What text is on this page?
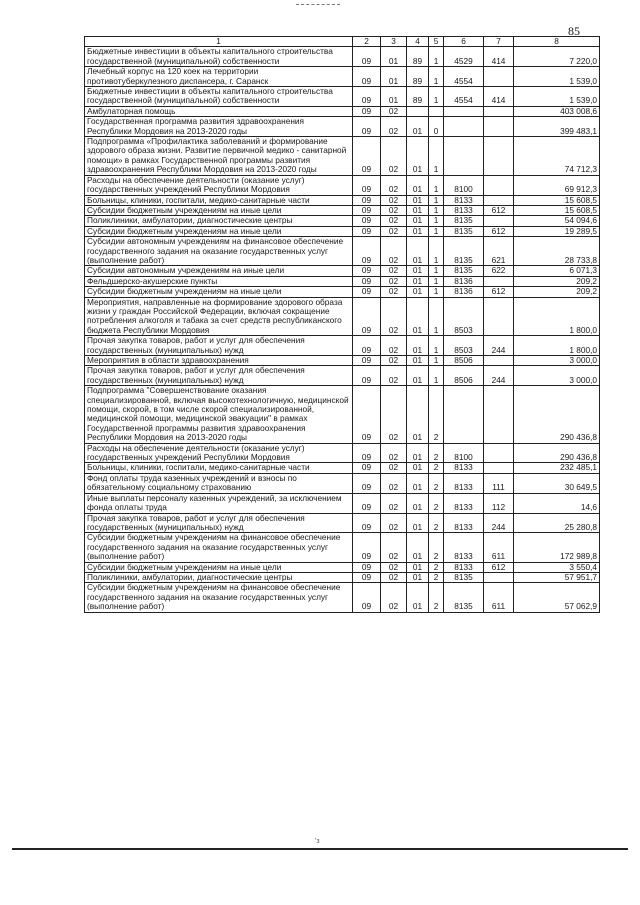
85
1	2	3	4	5	6	7	8
Бюджетные инвестиции в объекты капитального строительства государственной (муниципальной) собственности	09	01	89	1	4529	414	7 220,0
Лечебный корпус на 120 коек на территории противотуберкулезного диспансера, г. Саранск	09	01	89	1	4554		1 539,0
Бюджетные инвестиции в объекты капитального строительства государственной (муниципальной) собственности	09	01	89	1	4554	414	1 539,0
Амбулаторная помощь	09	02					403 008,6
Государственная программа развития здравоохранения Республики Мордовия на 2013-2020 годы	09	02	01	0			399 483,1
Подпрограмма «Профилактика заболеваний и формирование здорового образа жизни. Развитие первичной медико - санитарной помощи» в рамках Государственной программы развития здравоохранения Республики Мордовия на 2013-2020 годы	09	02	01	1			74 712,3
Расходы на обеспечение деятельности (оказание услуг) государственных учреждений Республики Мордовия	09	02	01	1	8100		69 912,3
Больницы, клиники, госпитали, медико-санитарные части	09	02	01	1	8133		15 608,5
Субсидии бюджетным учреждениям на иные цели	09	02	01	1	8133	612	15 608,5
Поликлиники, амбулатории, диагностические центры	09	02	01	1	8135		54 094,6
Субсидии бюджетным учреждениям на иные цели	09	02	01	1	8135	612	19 289,5
Субсидии автономным учреждениям на финансовое обеспечение государственного задания на оказание государственных услуг (выполнение работ)	09	02	01	1	8135	621	28 733,8
Субсидии автономным учреждениям на иные цели	09	02	01	1	8135	622	6 071,3
Фельдшерско-акушерские пункты	09	02	01	1	8136		209,2
Субсидии бюджетным учреждениям на иные цели	09	02	01	1	8136	612	209,2
Мероприятия, направленные на формирование здорового образа жизни у граждан Российской Федерации, включая сокращение потребления алкоголя и табака за счет средств республиканского бюджета Республики Мордовия	09	02	01	1	8503		1 800,0
Прочая закупка товаров, работ и услуг для обеспечения государственных (муниципальных) нужд	09	02	01	1	8503	244	1 800,0
Мероприятия в области здравоохранения	09	02	01	1	8506		3 000,0
Прочая закупка товаров, работ и услуг для обеспечения государственных (муниципальных) нужд	09	02	01	1	8506	244	3 000,0
Подпрограмма "Совершенствование оказания специализированной, включая высокотехнологичную, медицинской помощи, скорой, в том числе скорой специализированной, медицинской помощи, медицинской эвакуации" в рамках Государственной программы развития здравоохранения Республики Мордовия на 2013-2020 годы	09	02	01	2			290 436,8
Расходы на обеспечение деятельности (оказание услуг) государственных учреждений Республики Мордовия	09	02	01	2	8100		290 436,8
Больницы, клиники, госпитали, медико-санитарные части	09	02	01	2	8133		232 485,1
Фонд оплаты труда казенных учреждений и взносы по обязательному социальному страхованию	09	02	01	2	8133	111	30 649,5
Иные выплаты персоналу казенных учреждений, за исключением фонда оплаты труда	09	02	01	2	8133	112	14,6
Прочая закупка товаров, работ и услуг для обеспечения государственных (муниципальных) нужд	09	02	01	2	8133	244	25 280,8
Субсидии бюджетным учреждениям на финансовое обеспечение государственного задания на оказание государственных услуг (выполнение работ)	09	02	01	2	8133	611	172 989,8
Субсидии бюджетным учреждениям на иные цели	09	02	01	2	8133	612	3 550,4
Поликлиники, амбулатории, диагностические центры	09	02	01	2	8135		57 951,7
Субсидии бюджетным учреждениям на финансовое обеспечение государственного задания на оказание государственных услуг (выполнение работ)	09	02	01	2	8135	611	57 062,9
'з
